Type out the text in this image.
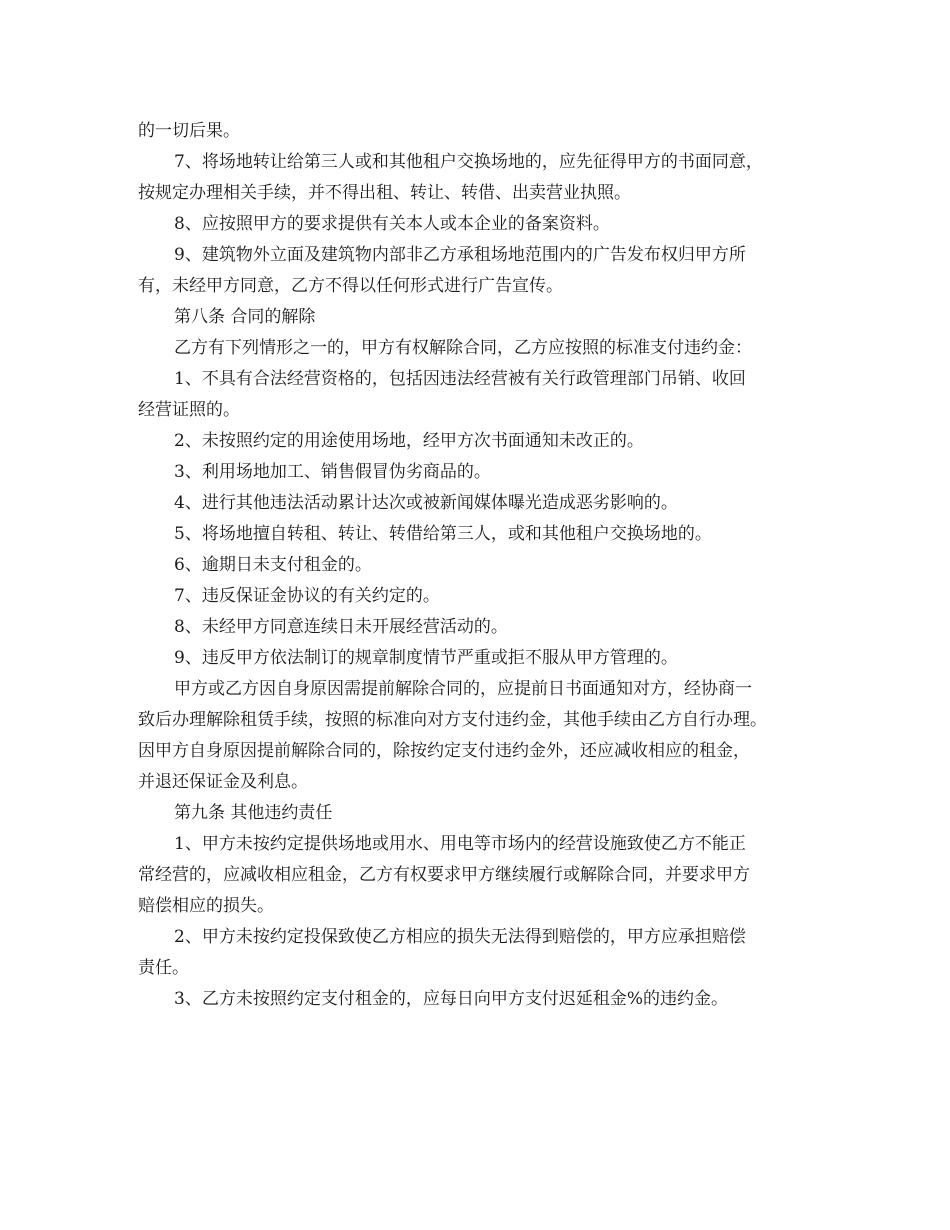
的一切后果。
7、将场地转让给第三人或和其他租户交换场地的，应先征得甲方的书面同意，
按规定办理相关手续，并不得出租、转让、转借、出卖营业执照。
8、应按照甲方的要求提供有关本人或本企业的备案资料。
9、建筑物外立面及建筑物内部非乙方承租场地范围内的广告发布权归甲方所
有，未经甲方同意，乙方不得以任何形式进行广告宣传。
第八条 合同的解除
乙方有下列情形之一的，甲方有权解除合同，乙方应按照的标准支付违约金：
1、不具有合法经营资格的，包括因违法经营被有关行政管理部门吊销、收回
经营证照的。
2、未按照约定的用途使用场地，经甲方次书面通知未改正的。
3、利用场地加工、销售假冒伪劣商品的。
4、进行其他违法活动累计达次或被新闻媒体曝光造成恶劣影响的。
5、将场地擅自转租、转让、转借给第三人，或和其他租户交换场地的。
6、逾期日未支付租金的。
7、违反保证金协议的有关约定的。
8、未经甲方同意连续日未开展经营活动的。
9、违反甲方依法制订的规章制度情节严重或拒不服从甲方管理的。
甲方或乙方因自身原因需提前解除合同的，应提前日书面通知对方，经协商一
致后办理解除租赁手续，按照的标准向对方支付违约金，其他手续由乙方自行办理。
因甲方自身原因提前解除合同的，除按约定支付违约金外，还应减收相应的租金，
并退还保证金及利息。
第九条 其他违约责任
1、甲方未按约定提供场地或用水、用电等市场内的经营设施致使乙方不能正
常经营的，应减收相应租金，乙方有权要求甲方继续履行或解除合同，并要求甲方
赔偿相应的损失。
2、甲方未按约定投保致使乙方相应的损失无法得到赔偿的，甲方应承担赔偿
责任。
3、乙方未按照约定支付租金的，应每日向甲方支付迟延租金%的违约金。
